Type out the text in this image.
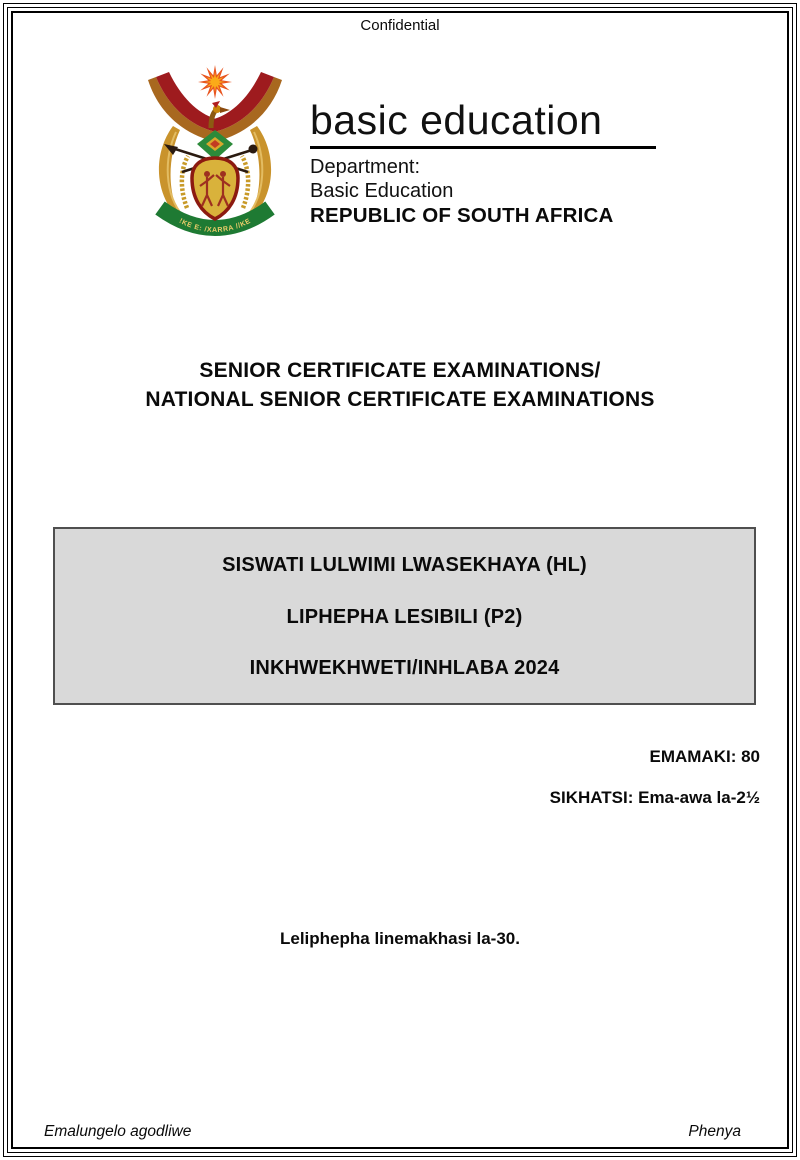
Confidential
!KE E: /XARRA //KE
basic education
Department:
Basic Education
REPUBLIC OF SOUTH AFRICA
SENIOR CERTIFICATE EXAMINATIONS/
NATIONAL SENIOR CERTIFICATE EXAMINATIONS
SISWATI LULWIMI LWASEKHAYA (HL)
LIPHEPHA LESIBILI (P2)
INKHWEKHWETI/INHLABA 2024
EMAMAKI: 80
SIKHATSI: Ema-awa la-2½
Leliphepha linemakhasi la-30.
Emalungelo agodliwe	Phenya
